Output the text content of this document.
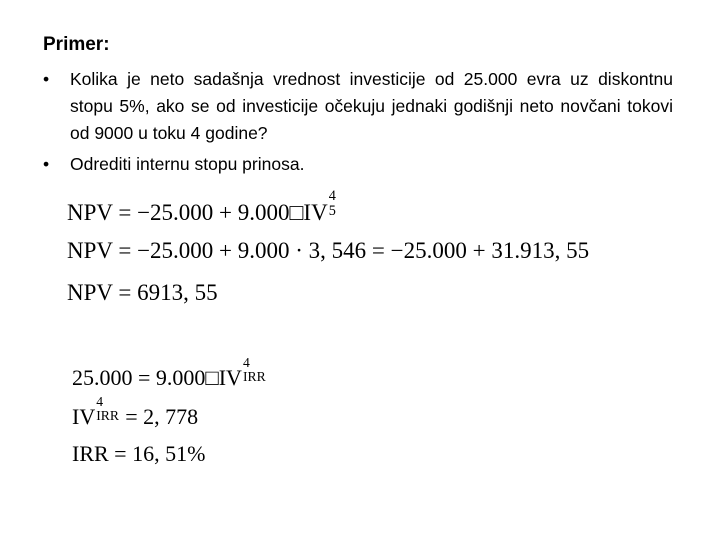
Primer:
• Kolika je neto sadašnja vrednost investicije od 25.000 evra uz diskontnu stopu 5%, ako se od investicije očekuju jednaki godišnji neto novčani tokovi od 9000 u toku 4 godine?
• Odrediti internu stopu prinosa.
NPV = −25.000 + 9.000□IV
4
5
NPV = −25.000 + 9.000 · 3, 546 = −25.000 + 31.913, 55
NPV = 6913, 55
25.000 = 9.000□IV
4
IRR
IV
4
IRR = 2, 778
IRR = 16, 51%
